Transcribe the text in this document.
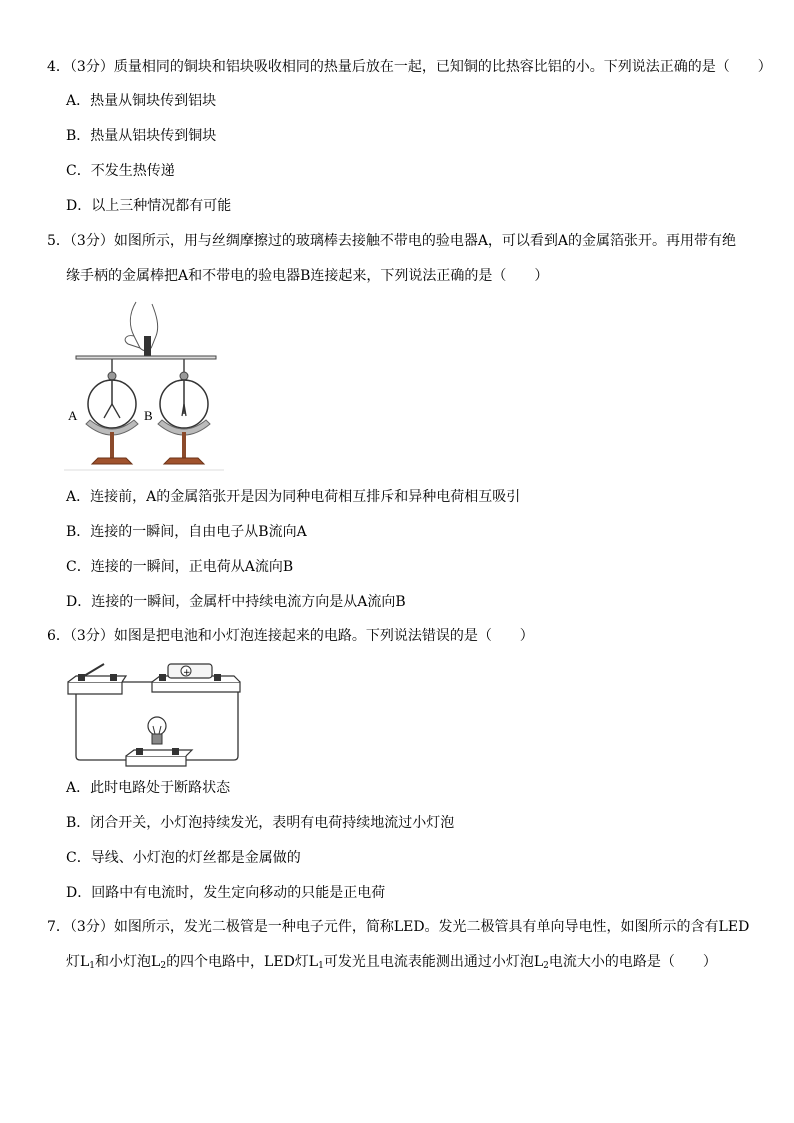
4．（3分）质量相同的铜块和铝块吸收相同的热量后放在一起，已知铜的比热容比铝的小。下列说法正确的是（　　）
A．热量从铜块传到铝块
B．热量从铝块传到铜块
C．不发生热传递
D．以上三种情况都有可能
5．（3分）如图所示，用与丝绸摩擦过的玻璃棒去接触不带电的验电器A，可以看到A的金属箔张开。再用带有绝
缘手柄的金属棒把A和不带电的验电器B连接起来，下列说法正确的是（　　）
A	B
A．连接前，A的金属箔张开是因为同种电荷相互排斥和异种电荷相互吸引
B．连接的一瞬间，自由电子从B流向A
C．连接的一瞬间，正电荷从A流向B
D．连接的一瞬间，金属杆中持续电流方向是从A流向B
6．（3分）如图是把电池和小灯泡连接起来的电路。下列说法错误的是（　　）
+
A．此时电路处于断路状态
B．闭合开关，小灯泡持续发光，表明有电荷持续地流过小灯泡
C．导线、小灯泡的灯丝都是金属做的
D．回路中有电流时，发生定向移动的只能是正电荷
7．（3分）如图所示，发光二极管是一种电子元件，简称LED。发光二极管具有单向导电性，如图所示的含有LED
灯$L_1$和小灯泡$L_2$的四个电路中，LED灯$L_1$可发光且电流表能测出通过小灯泡$L_2$电流大小的电路是（　　）
